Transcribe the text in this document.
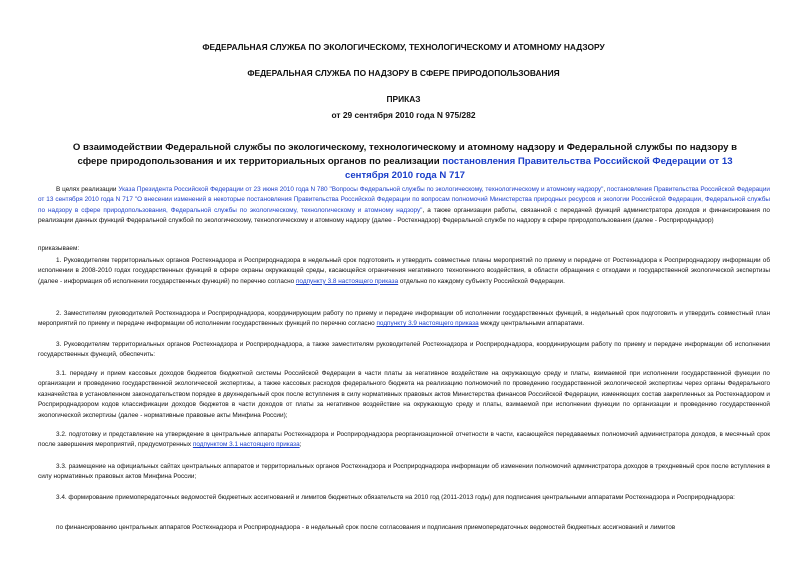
ФЕДЕРАЛЬНАЯ СЛУЖБА ПО ЭКОЛОГИЧЕСКОМУ, ТЕХНОЛОГИЧЕСКОМУ И АТОМНОМУ НАДЗОРУ
ФЕДЕРАЛЬНАЯ СЛУЖБА ПО НАДЗОРУ В СФЕРЕ ПРИРОДОПОЛЬЗОВАНИЯ
ПРИКАЗ
от 29 сентября 2010 года N 975/282
О взаимодействии Федеральной службы по экологическому, технологическому и атомному надзору и Федеральной службы по надзору в сфере природопользования и их территориальных органов по реализации постановления Правительства Российской Федерации от 13 сентября 2010 года N 717
В целях реализации Указа Президента Российской Федерации от 23 июня 2010 года N 780 "Вопросы Федеральной службы по экологическому, технологическому и атомному надзору", постановления Правительства Российской Федерации от 13 сентября 2010 года N 717 "О внесении изменений в некоторые постановления Правительства Российской Федерации по вопросам полномочий Министерства природных ресурсов и экологии Российской Федерации, Федеральной службы по надзору в сфере природопользования, Федеральной службы по экологическому, технологическому и атомному надзору", а также организации работы, связанной с передачей функций администратора доходов и финансирования по реализации данных функций Федеральной службой по экологическому, технологическому и атомному надзору (далее - Ростехнадзор) Федеральной службе по надзору в сфере природопользования (далее - Росприроднадзор)
приказываем:
1. Руководителям территориальных органов Ростехнадзора и Росприроднадзора в недельный срок подготовить и утвердить совместные планы мероприятий по приему и передаче от Ростехнадзора к Росприроднадзору информации об исполнении в 2008-2010 годах государственных функций в сфере охраны окружающей среды, касающейся ограничения негативного техногенного воздействия, в области обращения с отходами и государственной экологической экспертизы (далее - информация об исполнении государственных функций) по перечню согласно подпункту 3.8 настоящего приказа отдельно по каждому субъекту Российской Федерации.
2. Заместителям руководителей Ростехнадзора и Росприроднадзора, координирующим работу по приему и передаче информации об исполнении государственных функций, в недельный срок подготовить и утвердить совместный план мероприятий по приему и передаче информации об исполнении государственных функций по перечню согласно подпункту 3.9 настоящего приказа между центральными аппаратами.
3. Руководителям территориальных органов Ростехнадзора и Росприроднадзора, а также заместителям руководителей Ростехнадзора и Росприроднадзора, координирующим работу по приему и передаче информации об исполнении государственных функций, обеспечить:
3.1. передачу и прием кассовых доходов бюджетов бюджетной системы Российской Федерации в части платы за негативное воздействие на окружающую среду и платы, взимаемой при исполнении государственной функции по организации и проведению государственной экологической экспертизы, а также кассовых расходов федерального бюджета на реализацию полномочий по проведению государственной экологической экспертизы через органы Федерального казначейства в установленном законодательством порядке в двухнедельный срок после вступления в силу нормативных правовых актов Министерства финансов Российской Федерации, изменяющих состав закрепленных за Ростехнадзором и Росприроднадзором кодов классификации доходов бюджетов в части доходов от платы за негативное воздействие на окружающую среду и платы, взимаемой при исполнении функции по организации и проведению государственной экологической экспертизы (далее - нормативные правовые акты Минфина России);
3.2. подготовку и представление на утверждение в центральные аппараты Ростехнадзора и Росприроднадзора реорганизационной отчетности в части, касающейся передаваемых полномочий администратора доходов, в месячный срок после завершения мероприятий, предусмотренных подпунктом 3.1 настоящего приказа;
3.3. размещение на официальных сайтах центральных аппаратов и территориальных органов Ростехнадзора и Росприроднадзора информации об изменении полномочий администратора доходов в трехдневный срок после вступления в силу нормативных правовых актов Минфина России;
3.4. формирование приемопередаточных ведомостей бюджетных ассигнований и лимитов бюджетных обязательств на 2010 год (2011-2013 годы) для подписания центральными аппаратами Ростехнадзора и Росприроднадзора:
по финансированию центральных аппаратов Ростехнадзора и Росприроднадзора - в недельный срок после согласования и подписания приемопередаточных ведомостей бюджетных ассигнований и лимитов
